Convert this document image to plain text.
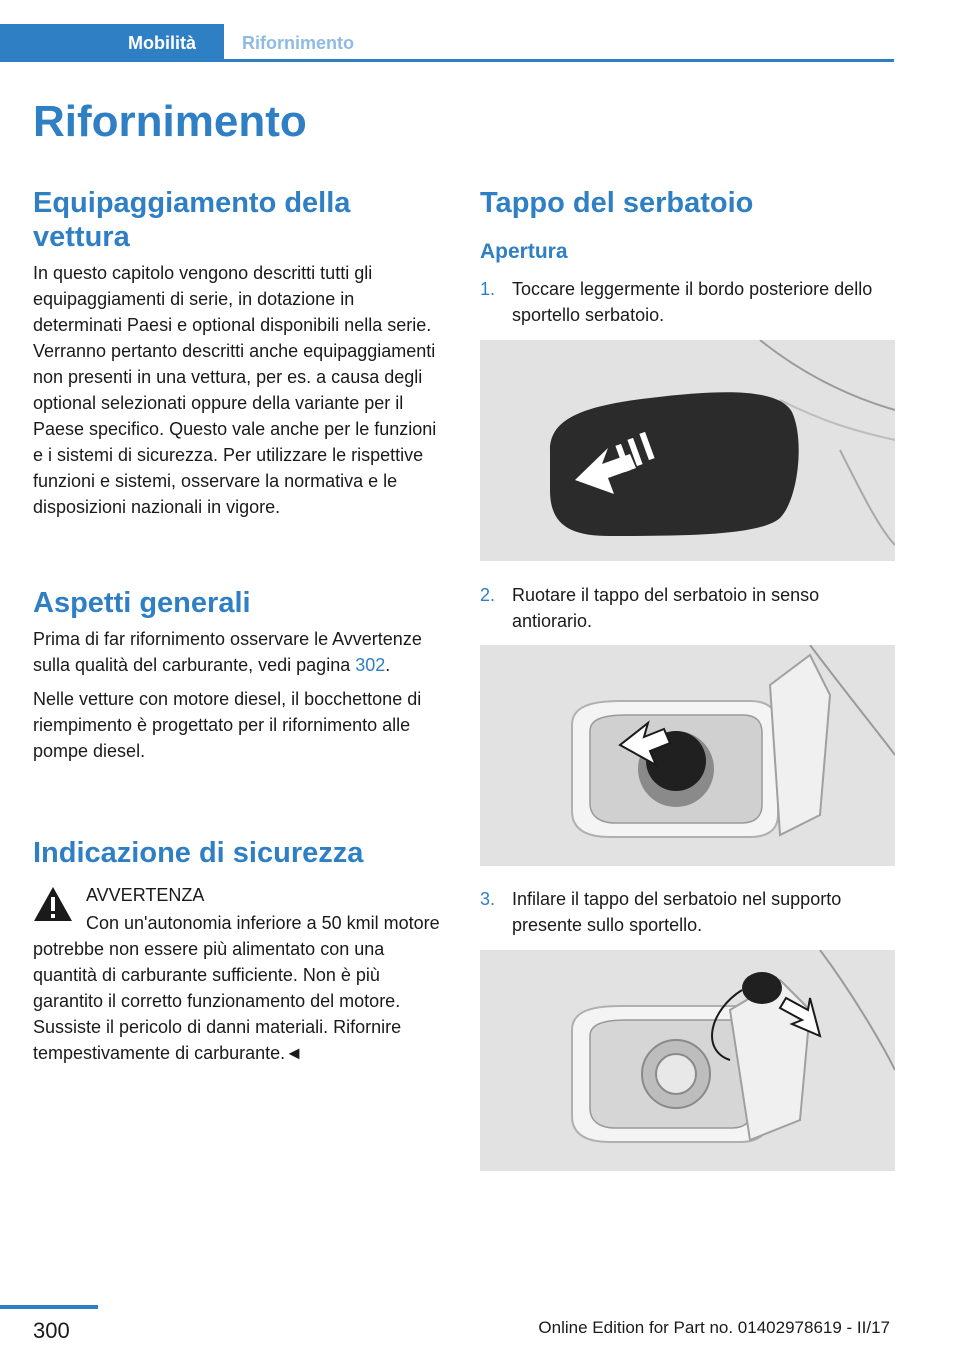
Mobilità	Rifornimento
Rifornimento
Equipaggiamento della vettura

In questo capitolo vengono descritti tutti gli equipaggiamenti di serie, in dotazione in determinati Paesi e optional disponibili nella serie. Verranno pertanto descritti anche equipaggiamenti non presenti in una vettura, per es. a causa degli optional selezionati oppure della variante per il Paese specifico. Questo vale anche per le funzioni e i sistemi di sicurezza. Per utilizzare le rispettive funzioni e sistemi, osservare la normativa e le disposizioni nazionali in vigore.

Aspetti generali

Prima di far rifornimento osservare le Avvertenze sulla qualità del carburante, vedi pagina 302.

Nelle vetture con motore diesel, il bocchettone di riempimento è progettato per il rifornimento alle pompe diesel.

Indicazione di sicurezza

AVVERTENZA

Con un'autonomia inferiore a 50 kmil motore potrebbe non essere più alimentato con una quantità di carburante sufficiente. Non è più garantito il corretto funzionamento del motore. Sussiste il pericolo di danni materiali. Rifornire tempestivamente di carburante.◄

Tappo del serbatoio
Apertura
1. Toccare leggermente il bordo posteriore dello sportello serbatoio.
2. Ruotare il tappo del serbatoio in senso antiorario.
3. Infilare il tappo del serbatoio nel supporto presente sullo sportello.
300	Online Edition for Part no. 01402978619 - II/17
